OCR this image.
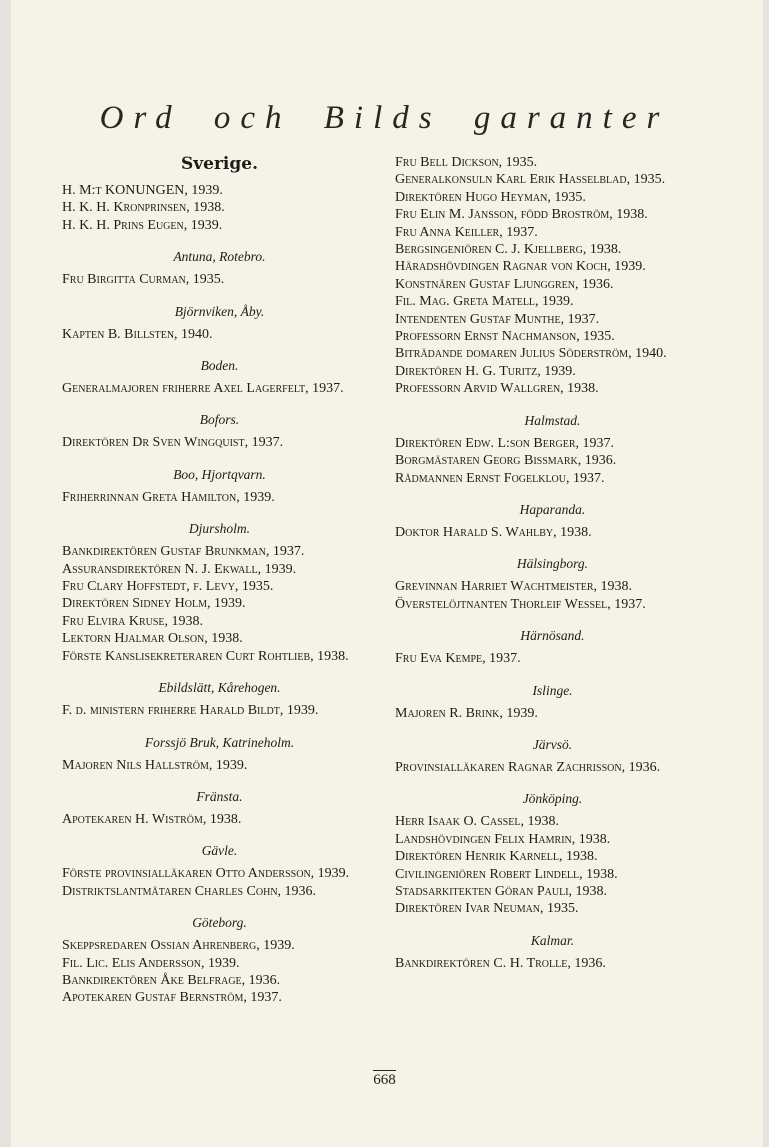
Ord och Bilds garanter
Sverige.
H. M:t KONUNGEN, 1939.
H. K. H. Kronprinsen, 1938.
H. K. H. Prins Eugen, 1939.
Antuna, Rotebro.
Fru Birgitta Curman, 1935.
Björnviken, Åby.
Kapten B. Billsten, 1940.
Boden.
Generalmajoren friherre Axel Lagerfelt, 1937.
Bofors.
Direktören Dr Sven Wingquist, 1937.
Boo, Hjortqvarn.
Friherrinnan Greta Hamilton, 1939.
Djursholm.
Bankdirektören Gustaf Brunkman, 1937.
Assuransdirektören N. J. Ekwall, 1939.
Fru Clary Hoffstedt, f. Levy, 1935.
Direktören Sidney Holm, 1939.
Fru Elvira Kruse, 1938.
Lektorn Hjalmar Olson, 1938.
Förste Kanslisekreteraren Curt Rohtlieb, 1938.
Ebildslätt, Kårehogen.
F. d. ministern friherre Harald Bildt, 1939.
Forssjö Bruk, Katrineholm.
Majoren Nils Hallström, 1939.
Fränsta.
Apotekaren H. Wiström, 1938.
Gävle.
Förste provinsialläkaren Otto Andersson, 1939.
Distriktslantmätaren Charles Cohn, 1936.
Göteborg.
Skeppsredaren Ossian Ahrenberg, 1939.
Fil. Lic. Elis Andersson, 1939.
Bankdirektören Åke Belfrage, 1936.
Apotekaren Gustaf Bernström, 1937.
Fru Bell Dickson, 1935.
Generalkonsuln Karl Erik Hasselblad, 1935.
Direktören Hugo Heyman, 1935.
Fru Elin M. Jansson, född Broström, 1938.
Fru Anna Keiller, 1937.
Bergsingeniören C. J. Kjellberg, 1938.
Häradshövdingen Ragnar von Koch, 1939.
Konstnären Gustaf Ljunggren, 1936.
Fil. Mag. Greta Matell, 1939.
Intendenten Gustaf Munthe, 1937.
Professorn Ernst Nachmanson, 1935.
Biträdande domaren Julius Söderström, 1940.
Direktören H. G. Turitz, 1939.
Professorn Arvid Wallgren, 1938.
Halmstad.
Direktören Edw. L:son Berger, 1937.
Borgmästaren Georg Bissmark, 1936.
Rådmannen Ernst Fogelklou, 1937.
Haparanda.
Doktor Harald S. Wahlby, 1938.
Hälsingborg.
Grevinnan Harriet Wachtmeister, 1938.
Överstelöjtnanten Thorleif Wessel, 1937.
Härnösand.
Fru Eva Kempe, 1937.
Islinge.
Majoren R. Brink, 1939.
Järvsö.
Provinsialläkaren Ragnar Zachrisson, 1936.
Jönköping.
Herr Isaak O. Cassel, 1938.
Landshövdingen Felix Hamrin, 1938.
Direktören Henrik Karnell, 1938.
Civilingeniören Robert Lindell, 1938.
Stadsarkitekten Göran Pauli, 1938.
Direktören Ivar Neuman, 1935.
Kalmar.
Bankdirektören C. H. Trolle, 1936.
668
